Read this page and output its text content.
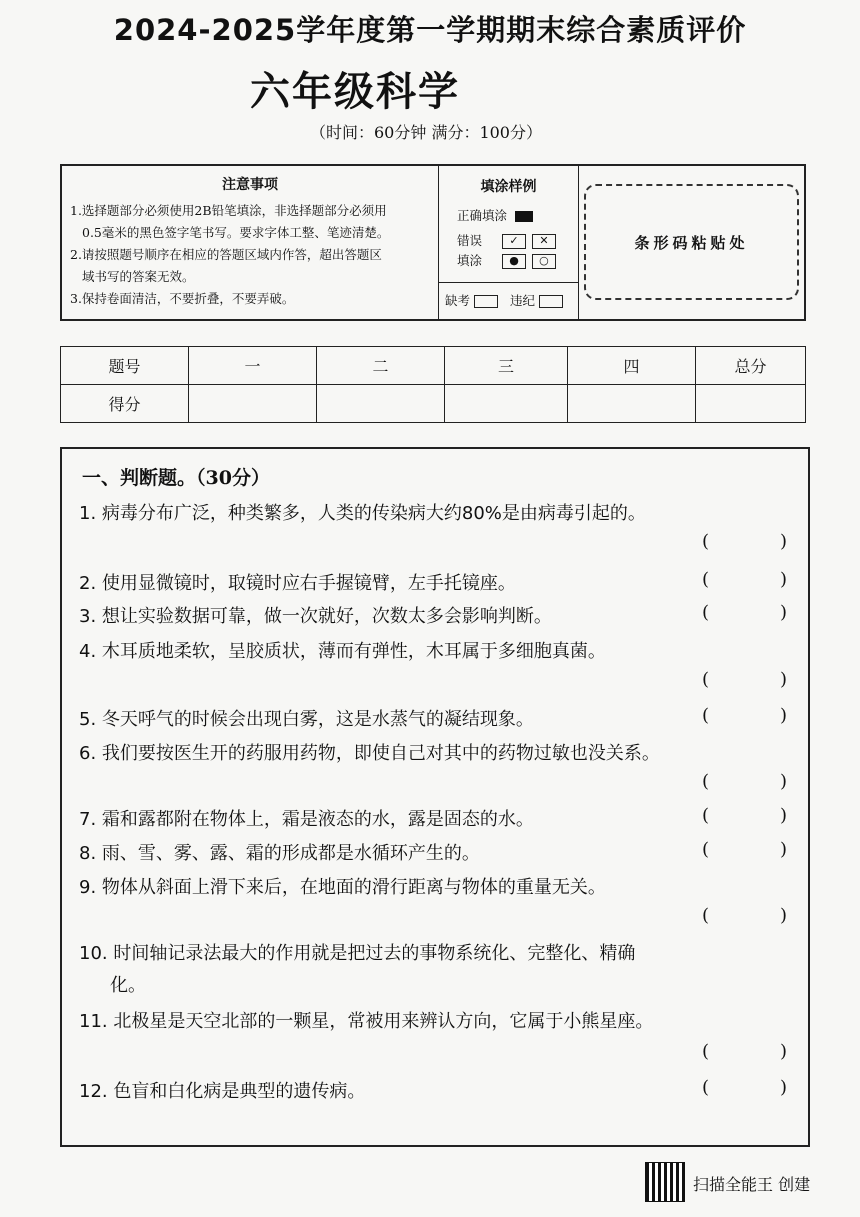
2024-2025学年度第一学期期末综合素质评价
六年级科学
（时间：60分钟 满分：100分）
注意事项
1.选择题部分必须使用2B铅笔填涂，非选择题部分必须用
0.5毫米的黑色签字笔书写。要求字体工整、笔迹清楚。
2.请按照题号顺序在相应的答题区域内作答，超出答题区
域书写的答案无效。
3.保持卷面清洁，不要折叠，不要弄破。
填涂样例
正确填涂
错误 ✓ ✕
填涂 ● ○
缺考	违纪
条形码粘贴处
题号	一	二	三	四	总分
得分					
一、判断题。（30分）
1. 病毒分布广泛，种类繁多，人类的传染病大约80%是由病毒引起的。
(	)
2. 使用显微镜时，取镜时应右手握镜臂，左手托镜座。	(	)
3. 想让实验数据可靠，做一次就好，次数太多会影响判断。	(	)
4. 木耳质地柔软，呈胶质状，薄而有弹性，木耳属于多细胞真菌。
(	)
5. 冬天呼气的时候会出现白雾，这是水蒸气的凝结现象。	(	)
6. 我们要按医生开的药服用药物，即使自己对其中的药物过敏也没关系。
(	)
7. 霜和露都附在物体上，霜是液态的水，露是固态的水。	(	)
8. 雨、雪、雾、露、霜的形成都是水循环产生的。	(	)
9. 物体从斜面上滑下来后，在地面的滑行距离与物体的重量无关。
(	)
10. 时间轴记录法最大的作用就是把过去的事物系统化、完整化、精确
化。
11. 北极星是天空北部的一颗星，常被用来辨认方向，它属于小熊星座。
(	)
12. 色盲和白化病是典型的遗传病。	(	)
扫描全能王 创建
